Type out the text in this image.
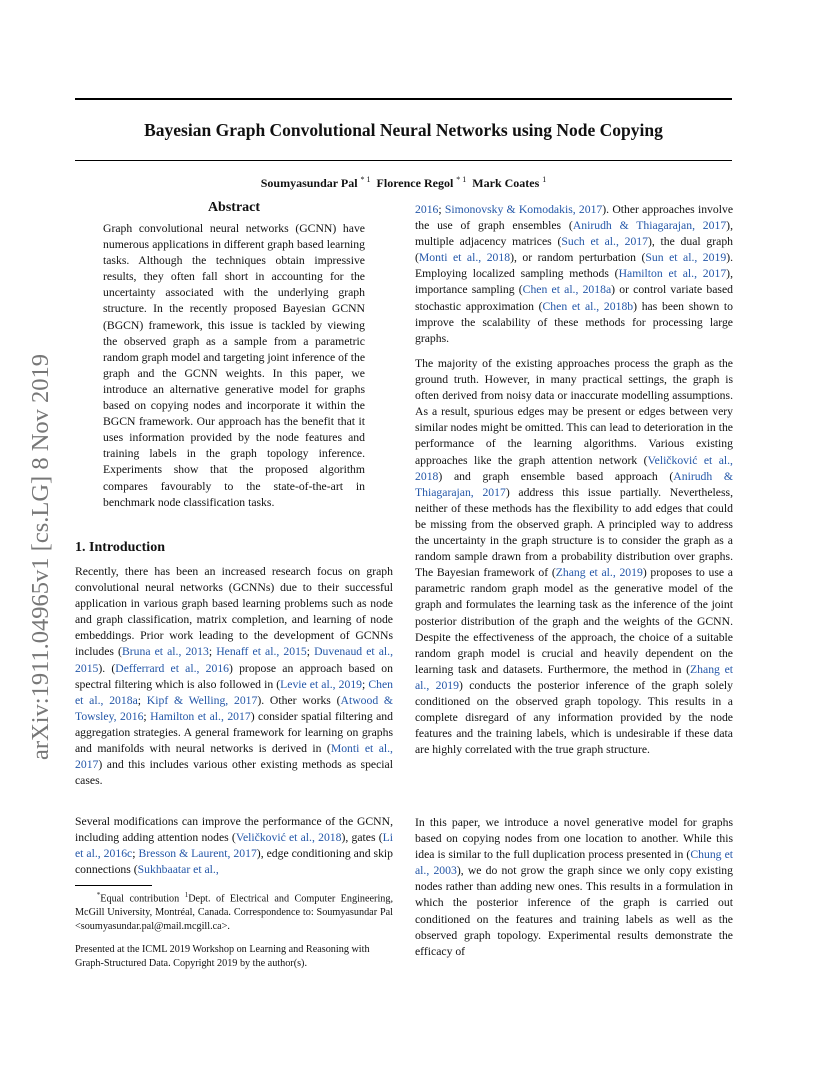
Bayesian Graph Convolutional Neural Networks using Node Copying
Soumyasundar Pal $^{* 1}$ Florence Regol $^{* 1}$ Mark Coates $^1$
arXiv:1911.04965v1 [cs.LG] 8 Nov 2019
Abstract

Graph convolutional neural networks (GCNN) have numerous applications in different graph based learning tasks. Although the techniques obtain impressive results, they often fall short in accounting for the uncertainty associated with the underlying graph structure. In the recently proposed Bayesian GCNN (BGCN) framework, this issue is tackled by viewing the observed graph as a sample from a parametric random graph model and targeting joint inference of the graph and the GCNN weights. In this paper, we introduce an alternative generative model for graphs based on copying nodes and incorporate it within the BGCN framework. Our approach has the benefit that it uses information provided by the node features and training labels in the graph topology inference. Experiments show that the proposed algorithm compares favourably to the state-of-the-art in benchmark node classification tasks.

1. Introduction

Recently, there has been an increased research focus on graph convolutional neural networks (GCNNs) due to their successful application in various graph based learning problems such as node and graph classification, matrix completion, and learning of node embeddings. Prior work leading to the development of GCNNs includes (Bruna et al., 2013; Henaff et al., 2015; Duvenaud et al., 2015). (Defferrard et al., 2016) propose an approach based on spectral filtering which is also followed in (Levie et al., 2019; Chen et al., 2018a; Kipf & Welling, 2017). Other works (Atwood & Towsley, 2016; Hamilton et al., 2017) consider spatial filtering and aggregation strategies. A general framework for learning on graphs and manifolds with neural networks is derived in (Monti et al., 2017) and this includes various other existing methods as special cases.

Several modifications can improve the performance of the GCNN, including adding attention nodes (Veličković et al., 2018), gates (Li et al., 2016c; Bresson & Laurent, 2017), edge conditioning and skip connections (Sukhbaatar et al.,

*Equal contribution $^1$Dept. of Electrical and Computer Engineering, McGill University, Montréal, Canada. Correspondence to: Soumyasundar Pal <soumyasundar.pal@mail.mcgill.ca>.

Presented at the ICML 2019 Workshop on Learning and Reasoning with Graph-Structured Data. Copyright 2019 by the author(s).

2016; Simonovsky & Komodakis, 2017). Other approaches involve the use of graph ensembles (Anirudh & Thiagarajan, 2017), multiple adjacency matrices (Such et al., 2017), the dual graph (Monti et al., 2018), or random perturbation (Sun et al., 2019). Employing localized sampling methods (Hamilton et al., 2017), importance sampling (Chen et al., 2018a) or control variate based stochastic approximation (Chen et al., 2018b) has been shown to improve the scalability of these methods for processing large graphs.

The majority of the existing approaches process the graph as the ground truth. However, in many practical settings, the graph is often derived from noisy data or inaccurate modelling assumptions. As a result, spurious edges may be present or edges between very similar nodes might be omitted. This can lead to deterioration in the performance of the learning algorithms. Various existing approaches like the graph attention network (Veličković et al., 2018) and graph ensemble based approach (Anirudh & Thiagarajan, 2017) address this issue partially. Nevertheless, neither of these methods has the flexibility to add edges that could be missing from the observed graph. A principled way to address the uncertainty in the graph structure is to consider the graph as a random sample drawn from a probability distribution over graphs. The Bayesian framework of (Zhang et al., 2019) proposes to use a parametric random graph model as the generative model of the graph and formulates the learning task as the inference of the joint posterior distribution of the graph and the weights of the GCNN. Despite the effectiveness of the approach, the choice of a suitable random graph model is crucial and heavily dependent on the learning task and datasets. Furthermore, the method in (Zhang et al., 2019) conducts the posterior inference of the graph solely conditioned on the observed graph topology. This results in a complete disregard of any information provided by the node features and the training labels, which is undesirable if these data are highly correlated with the true graph structure.

In this paper, we introduce a novel generative model for graphs based on copying nodes from one location to another. While this idea is similar to the full duplication process presented in (Chung et al., 2003), we do not grow the graph since we only copy existing nodes rather than adding new ones. This results in a formulation in which the posterior inference of the graph is carried out conditioned on the features and training labels as well as the observed graph topology. Experimental results demonstrate the efficacy of
